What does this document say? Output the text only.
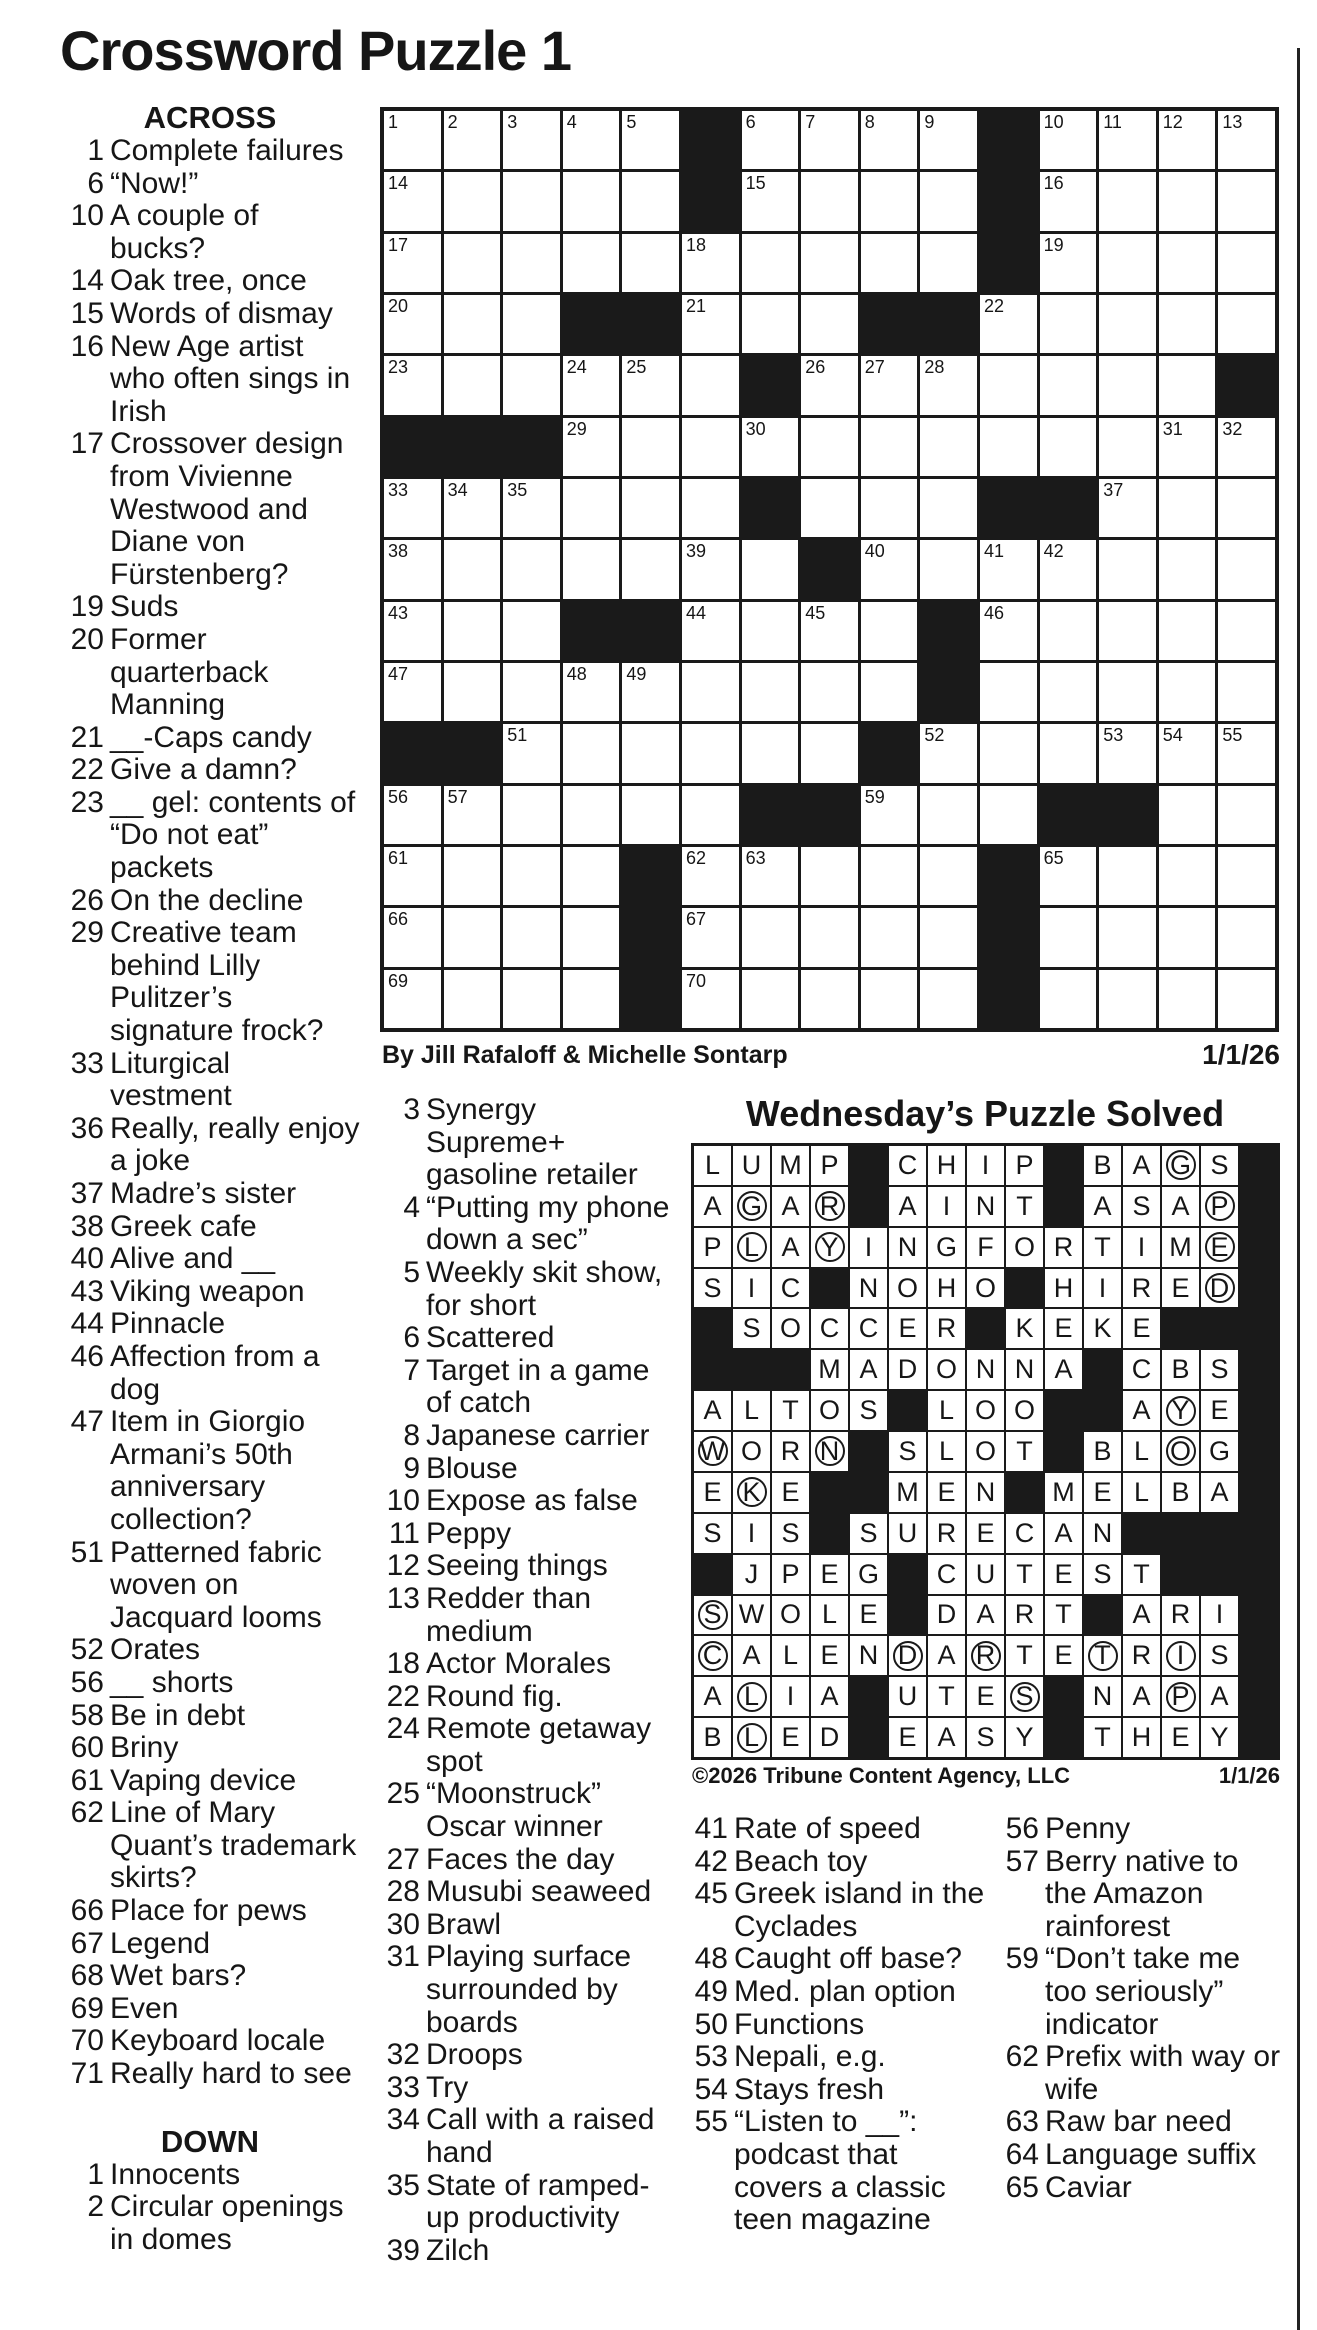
Crossword Puzzle 1
ACROSS
1 Complete failures
6 “Now!”
10 A couple of bucks?
14 Oak tree, once
15 Words of dismay
16 New Age artist who often sings in Irish
17 Crossover design from Vivienne Westwood and Diane von Fürstenberg?
19 Suds
20 Former quarterback Manning
21 __-Caps candy
22 Give a damn?
23 __ gel: contents of “Do not eat” packets
26 On the decline
29 Creative team behind Lilly Pulitzer’s signature frock?
33 Liturgical vestment
36 Really, really enjoy a joke
37 Madre’s sister
38 Greek cafe
40 Alive and __
43 Viking weapon
44 Pinnacle
46 Affection from a dog
47 Item in Giorgio Armani’s 50th anniversary collection?
51 Patterned fabric woven on Jacquard looms
52 Orates
56 __ shorts
58 Be in debt
60 Briny
61 Vaping device
62 Line of Mary Quant’s trademark skirts?
66 Place for pews
67 Legend
68 Wet bars?
69 Even
70 Keyboard locale
71 Really hard to see
DOWN
1 Innocents
2 Circular openings in domes
1	2	3	4	5	6	7	8	9	10 11 12 13
14	15	16
17	18	19
20	21	22
23	24 25	26 27 28
29	30	31 32
33 34 35	37
38	39	40	41 42
43	44	45	46
47	48 49
51	52	53 54 55
56 57	59
61	62 63	65
66	67
69	70
By Jill Rafaloff & Michelle Sontarp	1/1/26
3 Synergy Supreme+ gasoline retailer
4 “Putting my phone down a sec”
5 Weekly skit show, for short
6 Scattered
7 Target in a game of catch
8 Japanese carrier
9 Blouse
10 Expose as false
11 Peppy
12 Seeing things
13 Redder than medium
18 Actor Morales
22 Round fig.
24 Remote getaway spot
25 “Moonstruck” Oscar winner
27 Faces the day
28 Musubi seaweed
30 Brawl
31 Playing surface surrounded by boards
32 Droops
33 Try
34 Call with a raised hand
35 State of ramped-up productivity
39 Zilch
Wednesday’s Puzzle Solved
L U M P C H I P B A G S
A G A R A I N T A S A P
P L A Y I N G F O R T I M E
S I C N O H O H I R E D
S O C C E R K E K E
M A D O N N A C B S
A L T O S L O O	A Y E
W O R N S L O T B L O G
E K E	M E N M E L B A
S I S S U R E C A N
J P E G C U T E S T
S W O L E D A R T A R I
C A L E N D A R T E T R I S
A L I A U T E S N A P A
B L E D E A S Y T H E Y
©2026 Tribune Content Agency, LLC	1/1/26
41 Rate of speed
42 Beach toy
45 Greek island in the Cyclades
48 Caught off base?
49 Med. plan option
50 Functions
53 Nepali, e.g.
54 Stays fresh
55 “Listen to __”: podcast that covers a classic teen magazine
56 Penny
57 Berry native to the Amazon rainforest
59 “Don’t take me too seriously” indicator
62 Prefix with way or wife
63 Raw bar need
64 Language suffix
65 Caviar
